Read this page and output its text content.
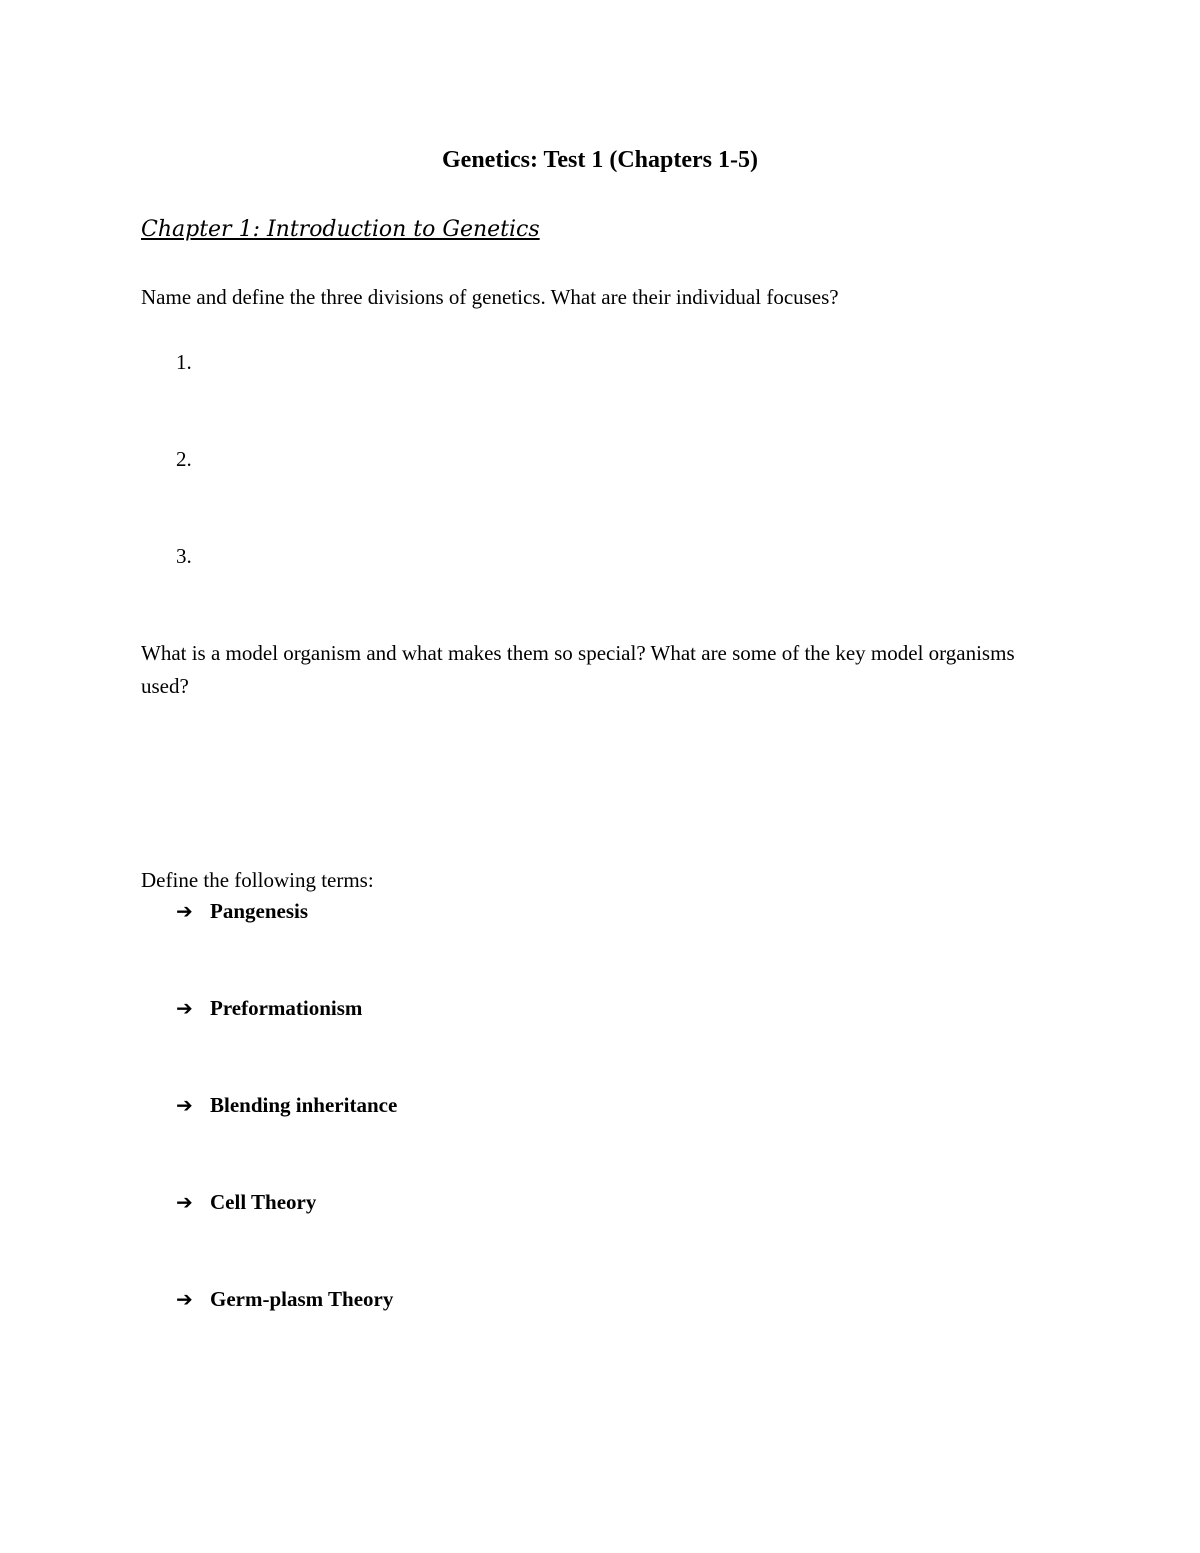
Genetics: Test 1 (Chapters 1-5)
Chapter 1: Introduction to Genetics
Name and define the three divisions of genetics. What are their individual focuses?
1.
2.
3.
What is a model organism and what makes them so special? What are some of the key model organisms used?
Define the following terms:
➔ Pangenesis
➔ Preformationism
➔ Blending inheritance
➔ Cell Theory
➔ Germ-plasm Theory
